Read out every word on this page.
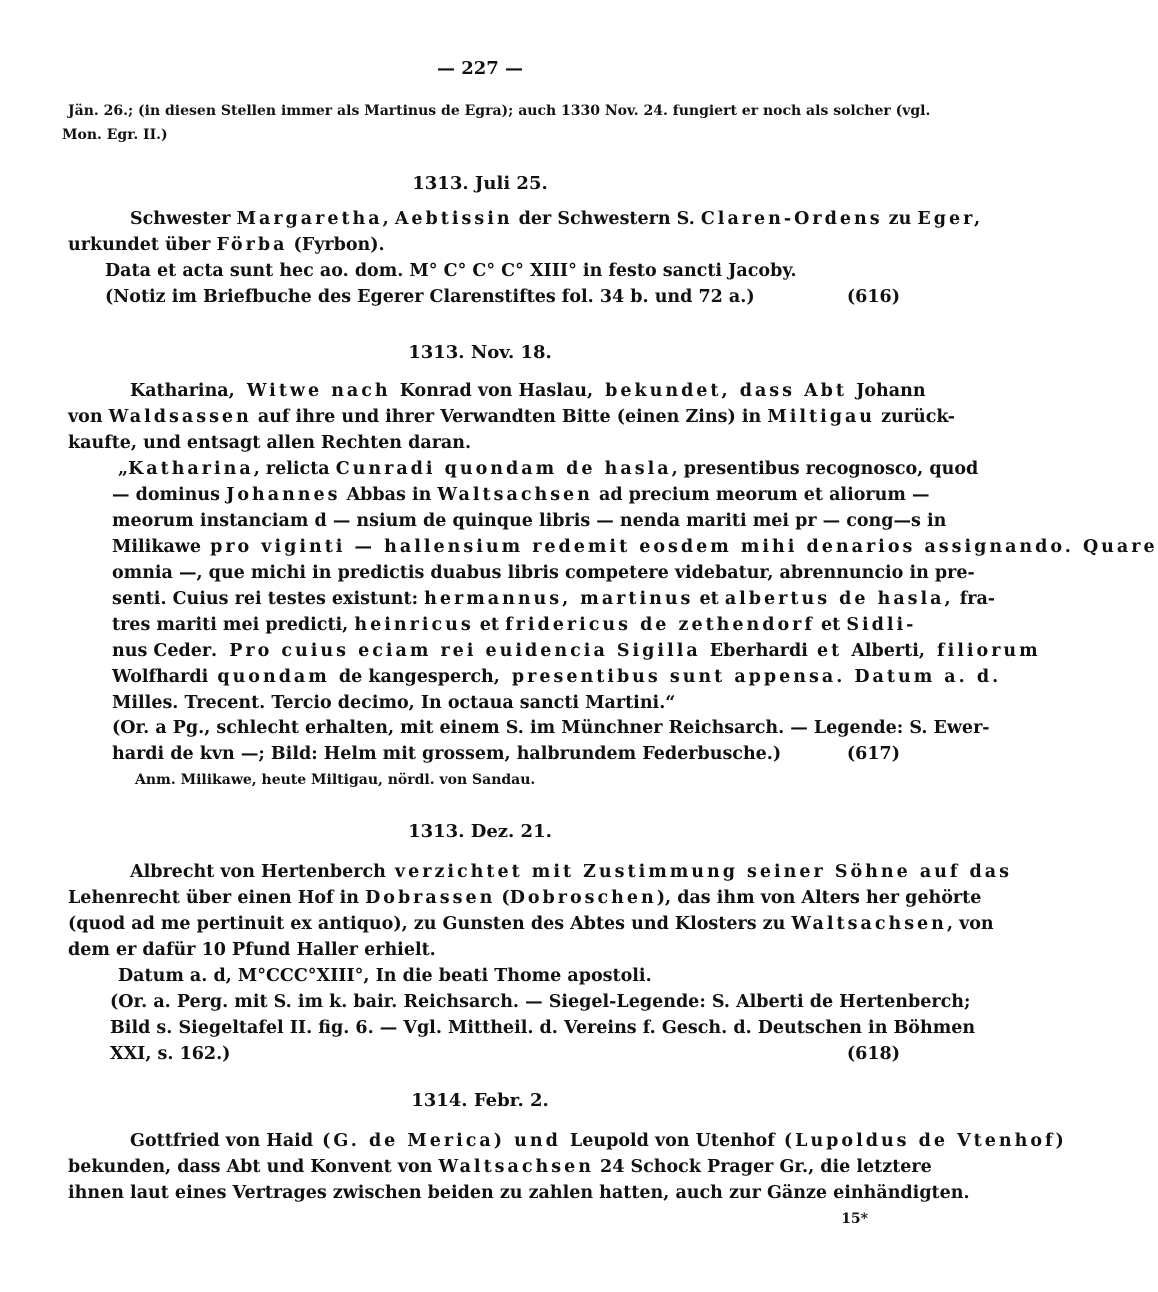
— 227 —
Jän. 26.; (in diesen Stellen immer als Martinus de Egra); auch 1330 Nov. 24. fungiert er noch als solcher (vgl.
Mon. Egr. II.)
1313. Juli 25.
Schwester Margaretha, Aebtissin der Schwestern S. Claren-Ordens zu Eger,
urkundet über Förba (Fyrbon).
Data et acta sunt hec ao. dom. M° C° C° C° XIII° in festo sancti Jacoby.
(Notiz im Briefbuche des Egerer Clarenstiftes fol. 34 b. und 72 a.)	(616)
1313. Nov. 18.
Katharina, Witwe nach Konrad von Haslau, bekundet, dass Abt Johann
von Waldsassen auf ihre und ihrer Verwandten Bitte (einen Zins) in Miltigau zurück-
kaufte, und entsagt allen Rechten daran.
„Katharina, relicta Cunradi quondam de hasla, presentibus recognosco, quod
— dominus Johannes Abbas in Waltsachsen ad precium meorum et aliorum —
meorum instanciam d — nsium de quinque libris — nenda mariti mei pr — cong—s in
Milikawe pro viginti — hallensium redemit eosdem mihi denarios assignando. Quare
omnia —, que michi in predictis duabus libris competere videbatur, abrennuncio in pre-
senti. Cuius rei testes existunt: hermannus, martinus et albertus de hasla, fra-
tres mariti mei predicti, heinricus et fridericus de zethendorf et Sidli-
nus Ceder. Pro cuius eciam rei euidencia Sigilla Eberhardi et Alberti, filiorum
Wolfhardi quondam de kangesperch, presentibus sunt appensa. Datum a. d.
Milles. Trecent. Tercio decimo, In octaua sancti Martini.“
(Or. a Pg., schlecht erhalten, mit einem S. im Münchner Reichsarch. — Legende: S. Ewer-
hardi de kvn —; Bild: Helm mit grossem, halbrundem Federbusche.)	(617)
Anm. Milikawe, heute Miltigau, nördl. von Sandau.
1313. Dez. 21.
Albrecht von Hertenberch verzichtet mit Zustimmung seiner Söhne auf das
Lehenrecht über einen Hof in Dobrassen (Dobroschen), das ihm von Alters her gehörte
(quod ad me pertinuit ex antiquo), zu Gunsten des Abtes und Klosters zu Waltsachsen, von
dem er dafür 10 Pfund Haller erhielt.
Datum a. d, M°CCC°XIII°, In die beati Thome apostoli.
(Or. a. Perg. mit S. im k. bair. Reichsarch. — Siegel-Legende: S. Alberti de Hertenberch;
Bild s. Siegeltafel II. fig. 6. — Vgl. Mittheil. d. Vereins f. Gesch. d. Deutschen in Böhmen
XXI, s. 162.)	(618)
1314. Febr. 2.
Gottfried von Haid (G. de Merica) und Leupold von Utenhof (Lupoldus de Vtenhof)
bekunden, dass Abt und Konvent von Waltsachsen 24 Schock Prager Gr., die letztere
ihnen laut eines Vertrages zwischen beiden zu zahlen hatten, auch zur Gänze einhändigten.
15*
